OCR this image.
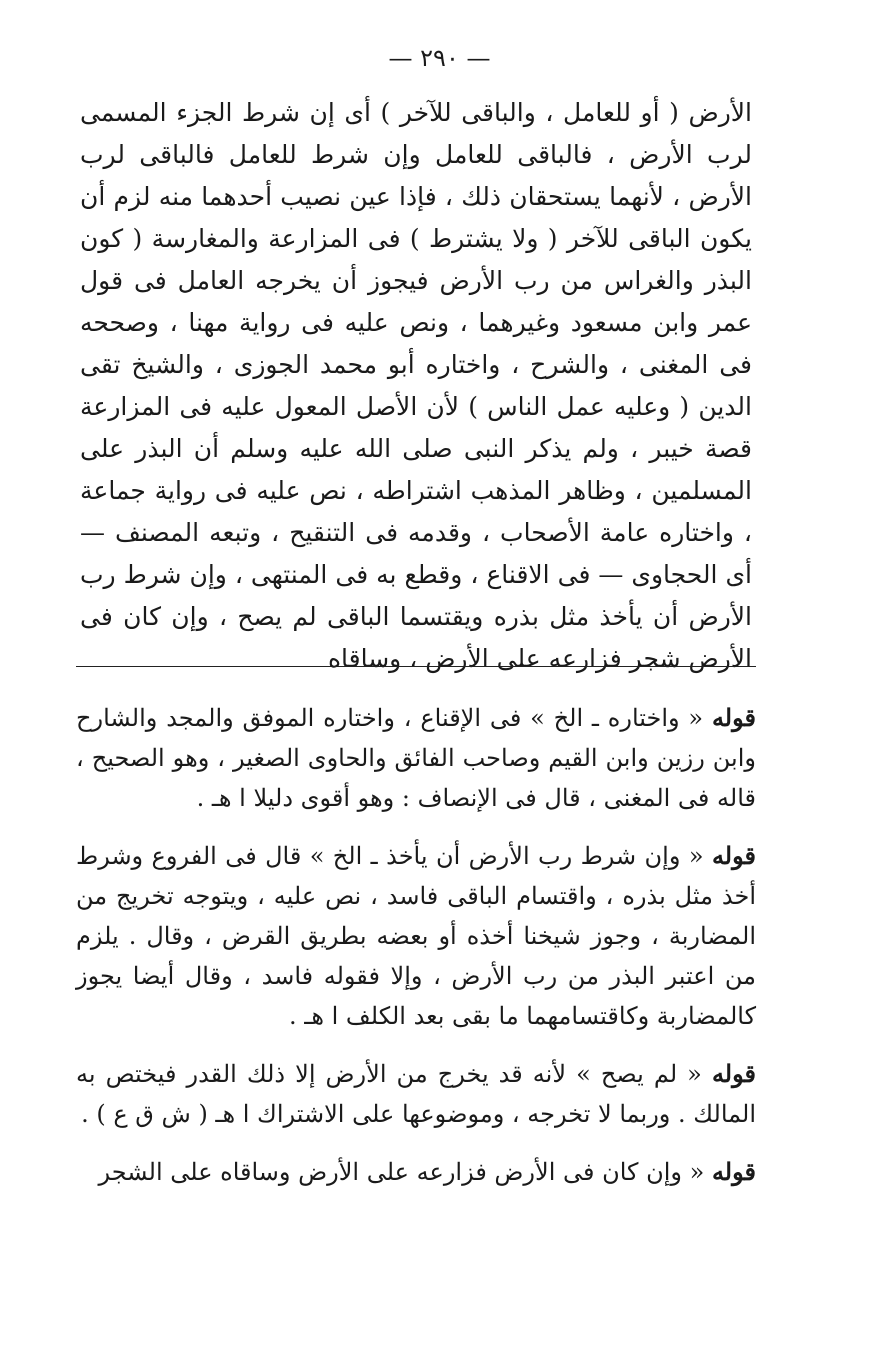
— ٢٩٠ —

الأرض ( أو للعامل ، والباقى للآخر ) أى إن شرط الجزء المسمى لرب الأرض ، فالباقى للعامل وإن شرط للعامل فالباقى لرب الأرض ، لأنهما يستحقان ذلك ، فإذا عين نصيب أحدهما منه لزم أن يكون الباقى للآخر ( ولا يشترط ) فى المزارعة والمغارسة ( كون البذر والغراس من رب الأرض فيجوز أن يخرجه العامل فى قول عمر وابن مسعود وغيرهما ، ونص عليه فى رواية مهنا ، وصححه فى المغنى ، والشرح ، واختاره أبو محمد الجوزى ، والشيخ تقى الدين ( وعليه عمل الناس ) لأن الأصل المعول عليه فى المزارعة قصة خيبر ، ولم يذكر النبى صلى الله عليه وسلم أن البذر على المسلمين ، وظاهر المذهب اشتراطه ، نص عليه فى رواية جماعة ، واختاره عامة الأصحاب ، وقدمه فى التنقيح ، وتبعه المصنف — أى الحجاوى — فى الاقناع ، وقطع به فى المنتهى ، وإن شرط رب الأرض أن يأخذ مثل بذره ويقتسما الباقى لم يصح ، وإن كان فى الأرض شجر فزارعه على الأرض ، وساقاه

قوله « واختاره ـ الخ » فى الإقناع ، واختاره الموفق والمجد والشارح وابن رزين وابن القيم وصاحب الفائق والحاوى الصغير ، وهو الصحيح ، قاله فى المغنى ، قال فى الإنصاف : وهو أقوى دليلا ا هـ .

قوله « وإن شرط رب الأرض أن يأخذ ـ الخ » قال فى الفروع وشرط أخذ مثل بذره ، واقتسام الباقى فاسد ، نص عليه ، ويتوجه تخريج من المضاربة ، وجوز شيخنا أخذه أو بعضه بطريق القرض ، وقال . يلزم من اعتبر البذر من رب الأرض ، وإلا فقوله فاسد ، وقال أيضا يجوز كالمضاربة وكاقتسامهما ما بقى بعد الكلف ا هـ .

قوله « لم يصح » لأنه قد يخرج من الأرض إلا ذلك القدر فيختص به المالك . وربما لا تخرجه ، وموضوعها على الاشتراك ا هـ ( ش ق ع ) .

قوله « وإن كان فى الأرض فزارعه على الأرض وساقاه على الشجر
